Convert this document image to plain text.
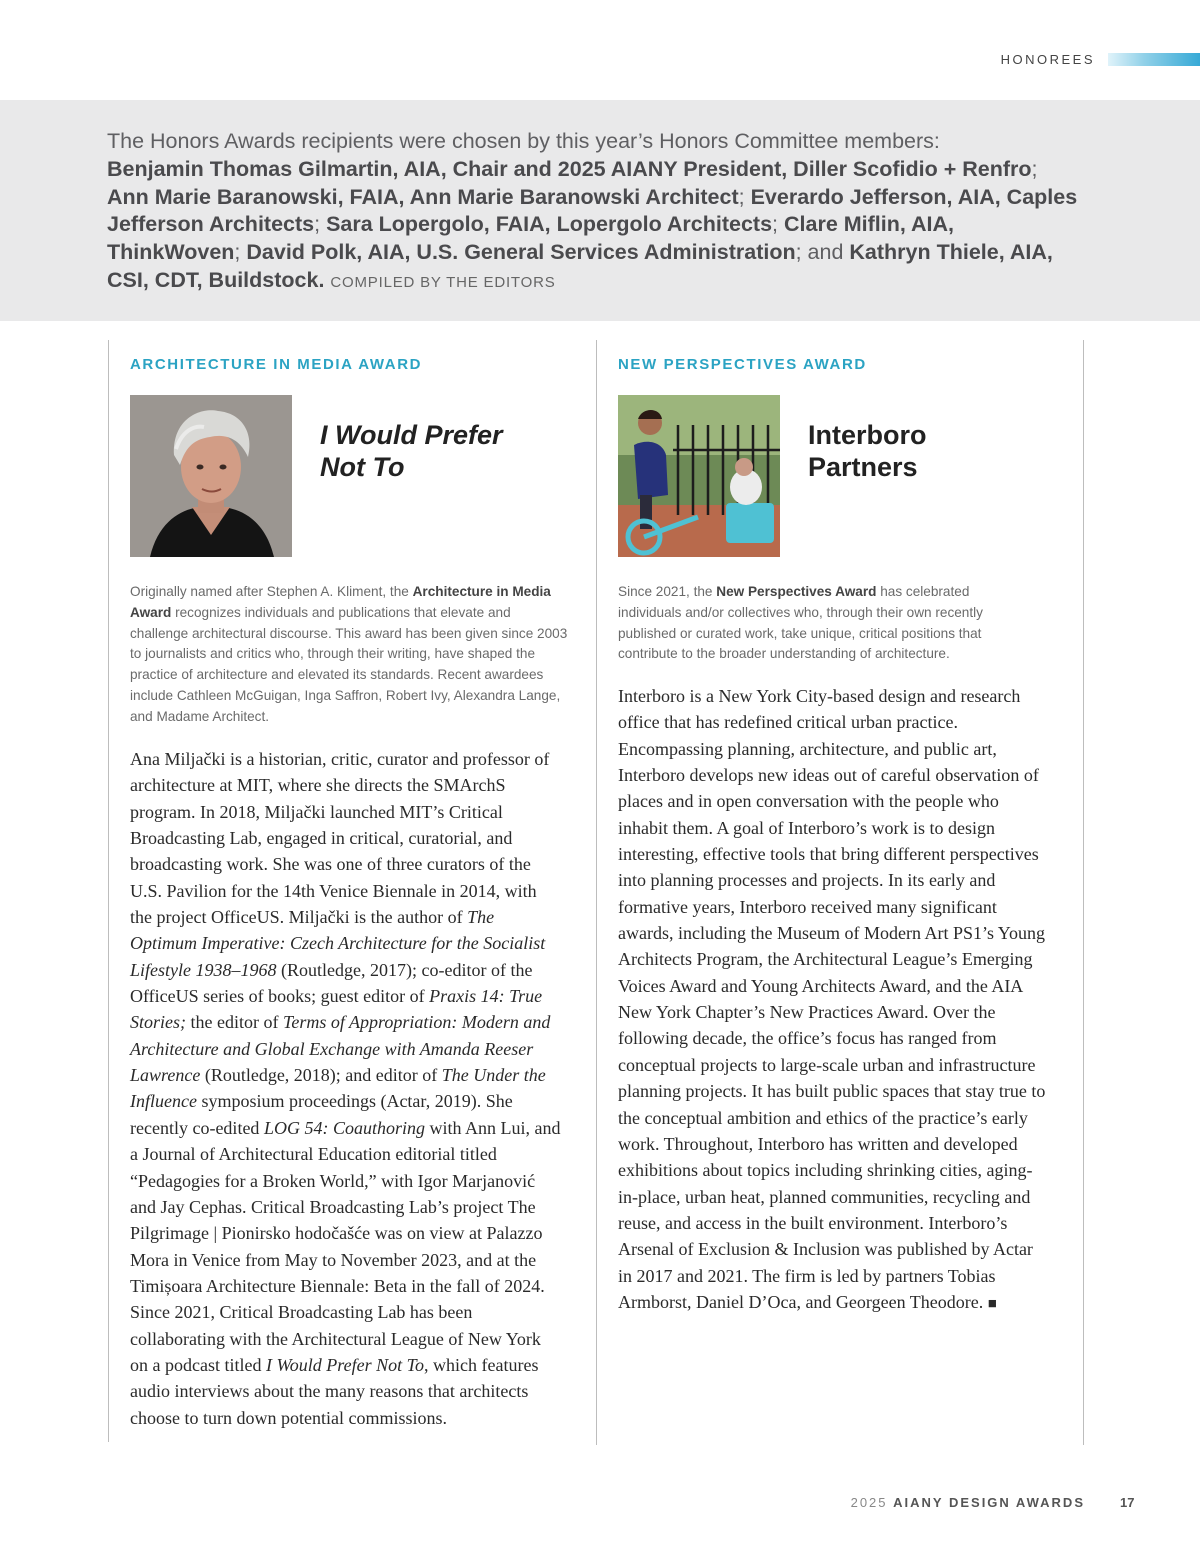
HONOREES

The Honors Awards recipients were chosen by this year’s Honors Committee members:
Benjamin Thomas Gilmartin, AIA, Chair and 2025 AIANY President, Diller Scofidio + Renfro;
Ann Marie Baranowski, FAIA, Ann Marie Baranowski Architect; Everardo Jefferson, AIA, Caples Jefferson Architects; Sara Lopergolo, FAIA, Lopergolo Architects; Clare Miflin, AIA, ThinkWoven; David Polk, AIA, U.S. General Services Administration; and Kathryn Thiele, AIA, CSI, CDT, Buildstock. COMPILED BY THE EDITORS

ARCHITECTURE IN MEDIA AWARD

I Would Prefer Not To

Originally named after Stephen A. Kliment, the Architecture in Media Award recognizes individuals and publications that elevate and challenge architectural discourse. This award has been given since 2003 to journalists and critics who, through their writing, have shaped the practice of architecture and elevated its standards. Recent awardees include Cathleen McGuigan, Inga Saffron, Robert Ivy, Alexandra Lange, and Madame Architect.

Ana Miljački is a historian, critic, curator and professor of architecture at MIT, where she directs the SMArchS program. In 2018, Miljački launched MIT’s Critical Broadcasting Lab, engaged in critical, curatorial, and broadcasting work. She was one of three curators of the U.S. Pavilion for the 14th Venice Biennale in 2014, with the project OfficeUS. Miljački is the author of The Optimum Imperative: Czech Architecture for the Socialist Lifestyle 1938–1968 (Routledge, 2017); co-editor of the OfficeUS series of books; guest editor of Praxis 14: True Stories; the editor of Terms of Appropriation: Modern and Architecture and Global Exchange with Amanda Reeser Lawrence (Routledge, 2018); and editor of The Under the Influence symposium proceedings (Actar, 2019). She recently co-edited LOG 54: Coauthoring with Ann Lui, and a Journal of Architectural Education editorial titled “Pedagogies for a Broken World,” with Igor Marjanović and Jay Cephas. Critical Broadcasting Lab’s project The Pilgrimage | Pionirsko hodočašće was on view at Palazzo Mora in Venice from May to November 2023, and at the Timișoara Architecture Biennale: Beta in the fall of 2024. Since 2021, Critical Broadcasting Lab has been collaborating with the Architectural League of New York on a podcast titled I Would Prefer Not To, which features audio interviews about the many reasons that architects choose to turn down potential commissions.

NEW PERSPECTIVES AWARD

Interboro Partners

Since 2021, the New Perspectives Award has celebrated individuals and/or collectives who, through their own recently published or curated work, take unique, critical positions that contribute to the broader understanding of architecture.

Interboro is a New York City-based design and research office that has redefined critical urban practice. Encompassing planning, architecture, and public art, Interboro develops new ideas out of careful observation of places and in open conversation with the people who inhabit them. A goal of Interboro’s work is to design interesting, effective tools that bring different perspectives into planning processes and projects. In its early and formative years, Interboro received many significant awards, including the Museum of Modern Art PS1’s Young Architects Program, the Architectural League’s Emerging Voices Award and Young Architects Award, and the AIA New York Chapter’s New Practices Award. Over the following decade, the office’s focus has ranged from conceptual projects to large-scale urban and infrastructure planning projects. It has built public spaces that stay true to the conceptual ambition and ethics of the practice’s early work. Throughout, Interboro has written and developed exhibitions about topics including shrinking cities, aging-in-place, urban heat, planned communities, recycling and reuse, and access in the built environment. Interboro’s Arsenal of Exclusion & Inclusion was published by Actar in 2017 and 2021. The firm is led by partners Tobias Armborst, Daniel D’Oca, and Georgeen Theodore. ■

2025 AIANY DESIGN AWARDS	17
